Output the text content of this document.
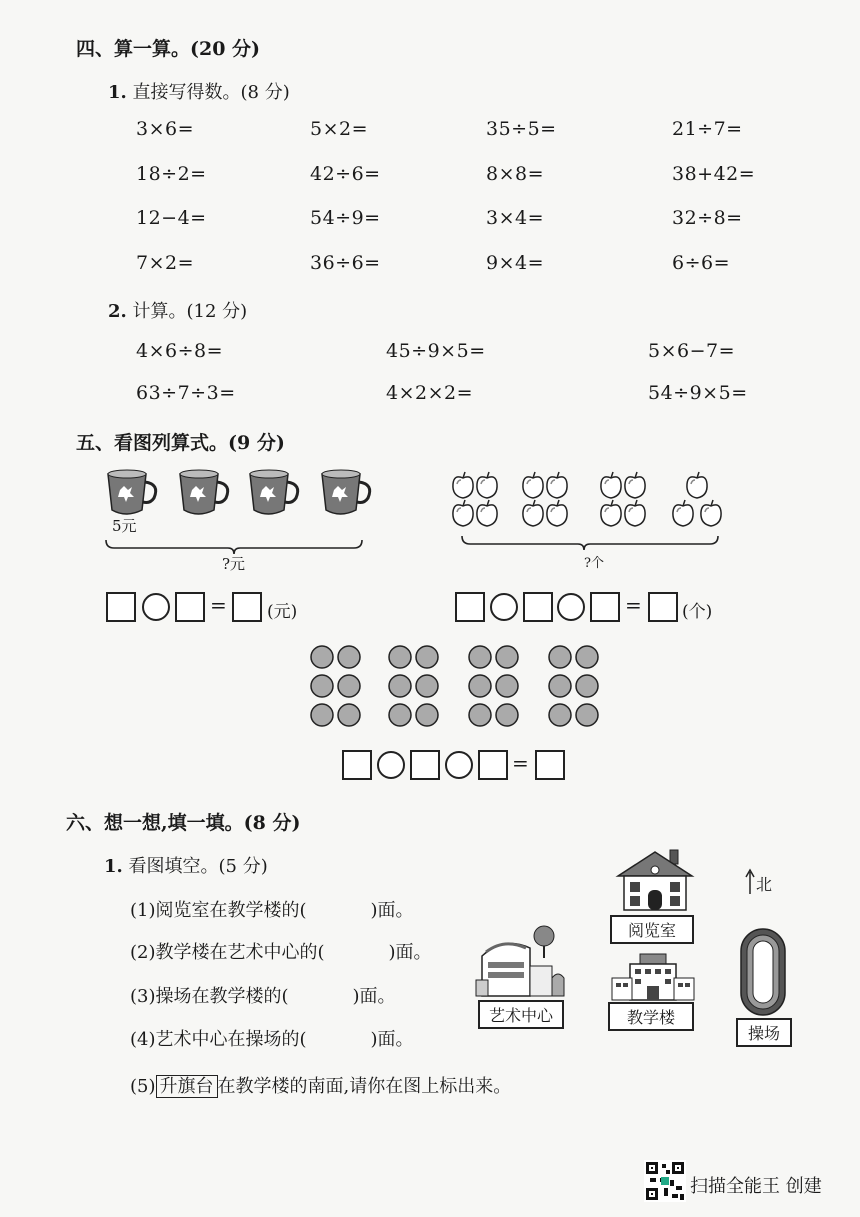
四、算一算。(20 分)
1. 直接写得数。(8 分)
3×6=	5×2=	35÷5=	21÷7=
18÷2=	42÷6=	8×8=	38+42=
12−4=	54÷9=	3×4=	32÷8=
7×2=	36÷6=	9×4=	6÷6=
2. 计算。(12 分)
4×6÷8=	45÷9×5=	5×6−7=
63÷7÷3=	4×2×2=	54÷9×5=
五、看图列算式。(9 分)
5元
?元	?个
= (元)	= (个)
=
六、想一想,填一填。(8 分)
1. 看图填空。(5 分)
(1)阅览室在教学楼的(	)面。
(2)教学楼在艺术中心的(	)面。
(3)操场在教学楼的(	)面。
(4)艺术中心在操场的(	)面。
(5) 升旗台 在教学楼的南面,请你在图上标出来。
阅览室
教学楼
艺术中心
操场
北
扫描全能王 创建
